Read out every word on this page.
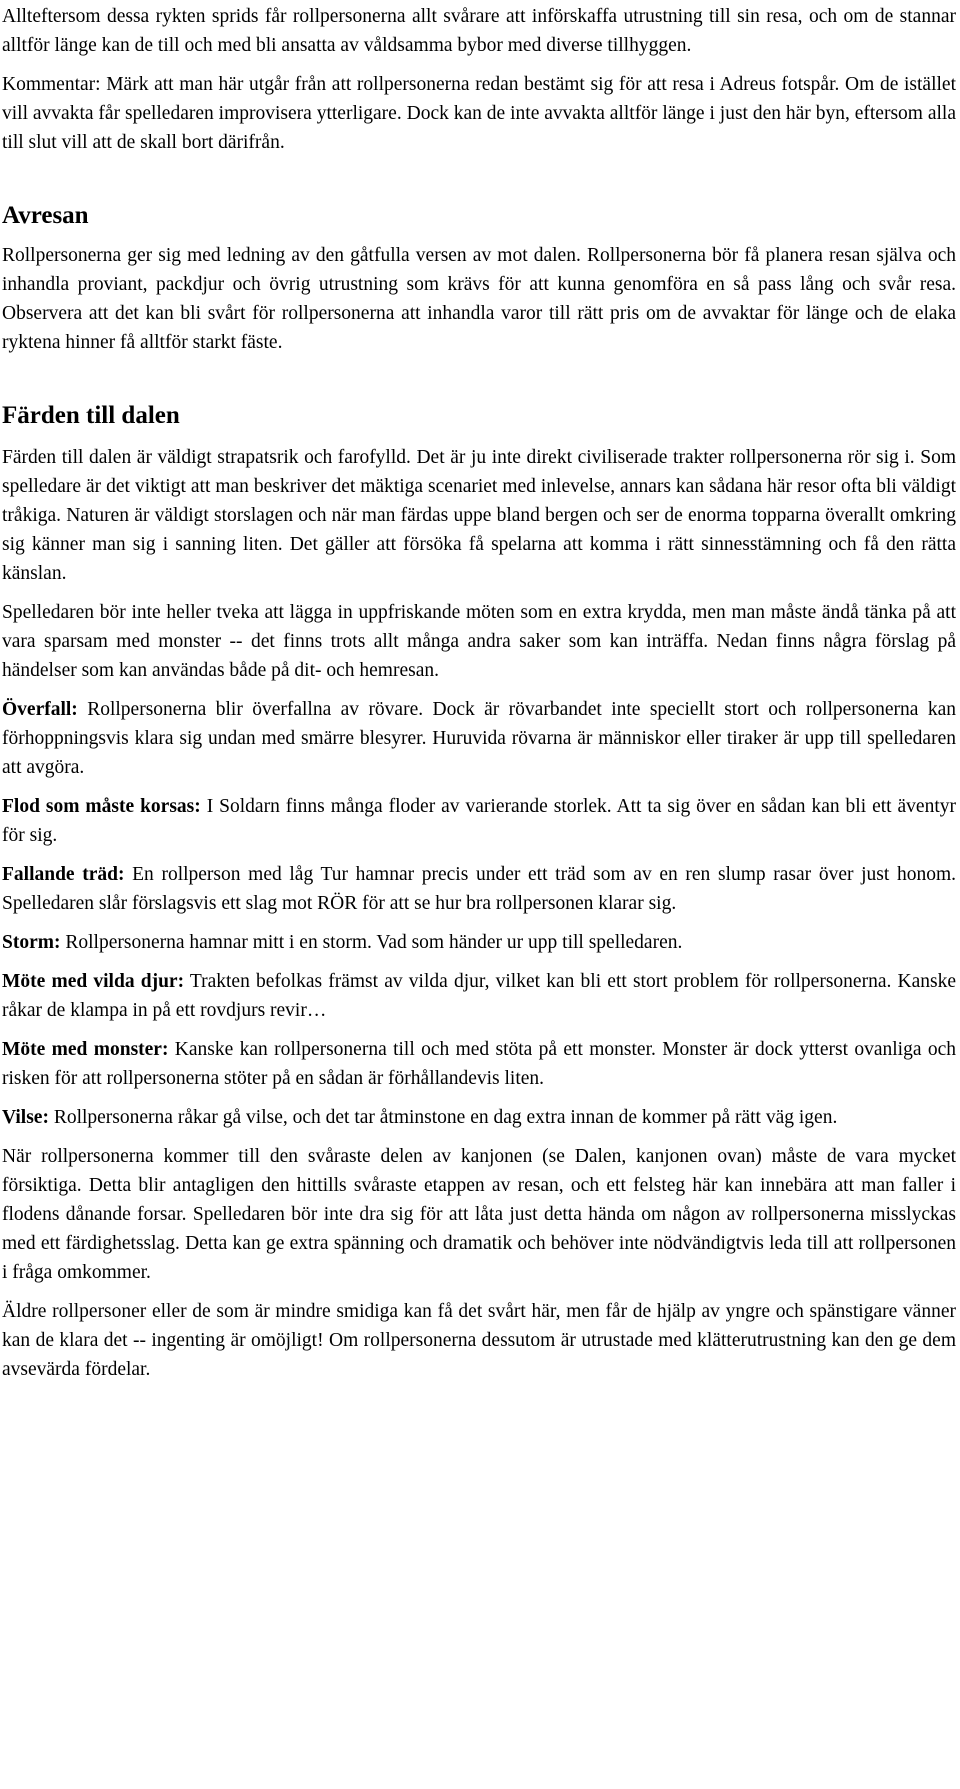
Allteftersom dessa rykten sprids får rollpersonerna allt svårare att införskaffa utrustning till sin resa, och om de stannar alltför länge kan de till och med bli ansatta av våldsamma bybor med diverse tillhyggen.

Kommentar: Märk att man här utgår från att rollpersonerna redan bestämt sig för att resa i Adreus fotspår. Om de istället vill avvakta får spelledaren improvisera ytterligare. Dock kan de inte avvakta alltför länge i just den här byn, eftersom alla till slut vill att de skall bort därifrån.

Avresan

Rollpersonerna ger sig med ledning av den gåtfulla versen av mot dalen. Rollpersonerna bör få planera resan själva och inhandla proviant, packdjur och övrig utrustning som krävs för att kunna genomföra en så pass lång och svår resa. Observera att det kan bli svårt för rollpersonerna att inhandla varor till rätt pris om de avvaktar för länge och de elaka ryktena hinner få alltför starkt fäste.

Färden till dalen

Färden till dalen är väldigt strapatsrik och farofylld. Det är ju inte direkt civiliserade trakter rollpersonerna rör sig i. Som spelledare är det viktigt att man beskriver det mäktiga scenariet med inlevelse, annars kan sådana här resor ofta bli väldigt tråkiga. Naturen är väldigt storslagen och när man färdas uppe bland bergen och ser de enorma topparna överallt omkring sig känner man sig i sanning liten. Det gäller att försöka få spelarna att komma i rätt sinnesstämning och få den rätta känslan.

Spelledaren bör inte heller tveka att lägga in uppfriskande möten som en extra krydda, men man måste ändå tänka på att vara sparsam med monster -- det finns trots allt många andra saker som kan inträffa. Nedan finns några förslag på händelser som kan användas både på dit- och hemresan.

Överfall: Rollpersonerna blir överfallna av rövare. Dock är rövarbandet inte speciellt stort och rollpersonerna kan förhoppningsvis klara sig undan med smärre blesyrer. Huruvida rövarna är människor eller tiraker är upp till spelledaren att avgöra.

Flod som måste korsas: I Soldarn finns många floder av varierande storlek. Att ta sig över en sådan kan bli ett äventyr för sig.

Fallande träd: En rollperson med låg Tur hamnar precis under ett träd som av en ren slump rasar över just honom. Spelledaren slår förslagsvis ett slag mot RÖR för att se hur bra rollpersonen klarar sig.

Storm: Rollpersonerna hamnar mitt i en storm. Vad som händer ur upp till spelledaren.

Möte med vilda djur: Trakten befolkas främst av vilda djur, vilket kan bli ett stort problem för rollpersonerna. Kanske råkar de klampa in på ett rovdjurs revir…

Möte med monster: Kanske kan rollpersonerna till och med stöta på ett monster. Monster är dock ytterst ovanliga och risken för att rollpersonerna stöter på en sådan är förhållandevis liten.

Vilse: Rollpersonerna råkar gå vilse, och det tar åtminstone en dag extra innan de kommer på rätt väg igen.

När rollpersonerna kommer till den svåraste delen av kanjonen (se Dalen, kanjonen ovan) måste de vara mycket försiktiga. Detta blir antagligen den hittills svåraste etappen av resan, och ett felsteg här kan innebära att man faller i flodens dånande forsar. Spelledaren bör inte dra sig för att låta just detta hända om någon av rollpersonerna misslyckas med ett färdighetsslag. Detta kan ge extra spänning och dramatik och behöver inte nödvändigtvis leda till att rollpersonen i fråga omkommer.

Äldre rollpersoner eller de som är mindre smidiga kan få det svårt här, men får de hjälp av yngre och spänstigare vänner kan de klara det -- ingenting är omöjligt! Om rollpersonerna dessutom är utrustade med klätterutrustning kan den ge dem avsevärda fördelar.
